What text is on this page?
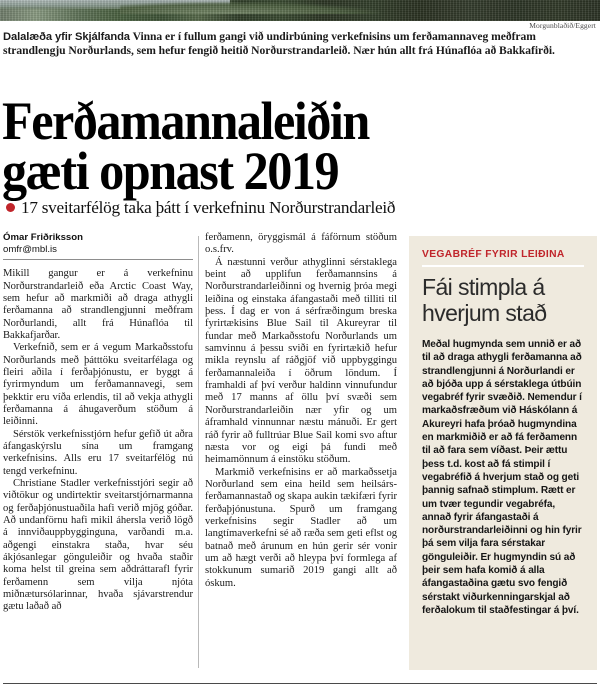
Morgunblaðið/Eggert
Dalalæða yfir Skjálfanda Vinna er í fullum gangi við undirbúning verkefnisins um ferðamannaveg meðfram strandlengju Norðurlands, sem hefur fengið heitið Norðurstrandarleið. Nær hún allt frá Húnaflóa að Bakkafirði.
Ferðamannaleiðin
gæti opnast 2019
17 sveitarfélög taka þátt í verkefninu Norðurstrandarleið
Ómar Friðriksson
omfr@mbl.is

Mikill gangur er á verkefninu Norðurstrandarleið eða Arctic Coast Way, sem hefur að markmiði að draga athygli ferðamanna að strandlengjunni meðfram Norðurlandi, allt frá Húnaflóa til Bakkafjarðar.

Verkefnið, sem er á vegum Markaðsstofu Norðurlands með þátttöku sveitarfélaga og fleiri aðila í ferðaþjónustu, er byggt á fyrirmyndum um ferðamannavegi, sem þekktir eru víða erlendis, til að vekja athygli ferðamanna á áhugaverðum stöðum á leiðinni.

Sérstök verkefnisstjórn hefur gefið út aðra áfangaskýrslu sína um framgang verkefnisins. Alls eru 17 sveitarfélög nú tengd verkefninu.

Christiane Stadler verkefnisstjóri segir að viðtökur og undirtektir sveitarstjórnarmanna og ferðaþjónustuaðila hafi verið mjög góðar. Að undanförnu hafi mikil áhersla verið lögð á innviðauppbygginguna, varðandi m.a. aðgengi einstakra staða, hvar séu ákjósanlegar gönguleiðir og hvaða staðir koma helst til greina sem aðdráttarafl fyrir ferðamenn sem vilja njóta miðnætursólarinnar, hvaða sjávarstrendur gætu laðað að

ferðamenn, öryggismál á fáförnum stöðum o.s.frv.

Á næstunni verður athyglinni sérstaklega beint að upplifun ferðamannsins á Norðurstrandarleiðinni og hvernig þróa megi leiðina og einstaka áfangastaði með tilliti til þess. Í dag er von á sérfræðingum breska fyrirtækisins Blue Sail til Akureyrar til fundar með Markaðsstofu Norðurlands um samvinnu á þessu sviði en fyrirtækið hefur mikla reynslu af ráðgjöf við uppbyggingu ferðamannaleiða í öðrum löndum. Í framhaldi af því verður haldinn vinnufundur með 17 manns af öllu því svæði sem Norðurstrandarleiðin nær yfir og um áframhald vinnunnar næstu mánuði. Er gert ráð fyrir að fulltrúar Blue Sail komi svo aftur næsta vor og eigi þá fundi með heimamönnum á einstöku stöðum.

Markmið verkefnisins er að markaðssetja Norðurland sem eina heild sem heilsárs-ferðamannastað og skapa aukin tækifæri fyrir ferðaþjónustuna. Spurð um framgang verkefnisins segir Stadler að um langtímaverkefni sé að ræða sem geti eflst og batnað með árunum en hún gerir sér vonir um að hægt verði að hleypa því formlega af stokkunum sumarið 2019 gangi allt að óskum.

VEGABRÉF FYRIR LEIÐINA
Fái stimpla á
hverjum stað

Meðal hugmynda sem unnið er að til að draga athygli ferðamanna að strandlengjunni á Norðurlandi er að bjóða upp á sérstaklega útbúin vegabréf fyrir svæðið. Nemendur í markaðsfræðum við Háskólann á Akureyri hafa þróað hugmyndina en markmiðið er að fá ferðamenn til að fara sem víðast. Þeir ættu þess t.d. kost að fá stimpil í vegabréfið á hverjum stað og geti þannig safnað stimplum. Rætt er um tvær tegundir vegabréfa, annað fyrir áfangastaði á norðurstrandarleiðinni og hin fyrir þá sem vilja fara sérstakar gönguleiðir. Er hugmyndin sú að þeir sem hafa komið á alla áfangastaðina gætu svo fengið sérstakt viðurkenningarskjal að ferðalokum til staðfestingar á því.
